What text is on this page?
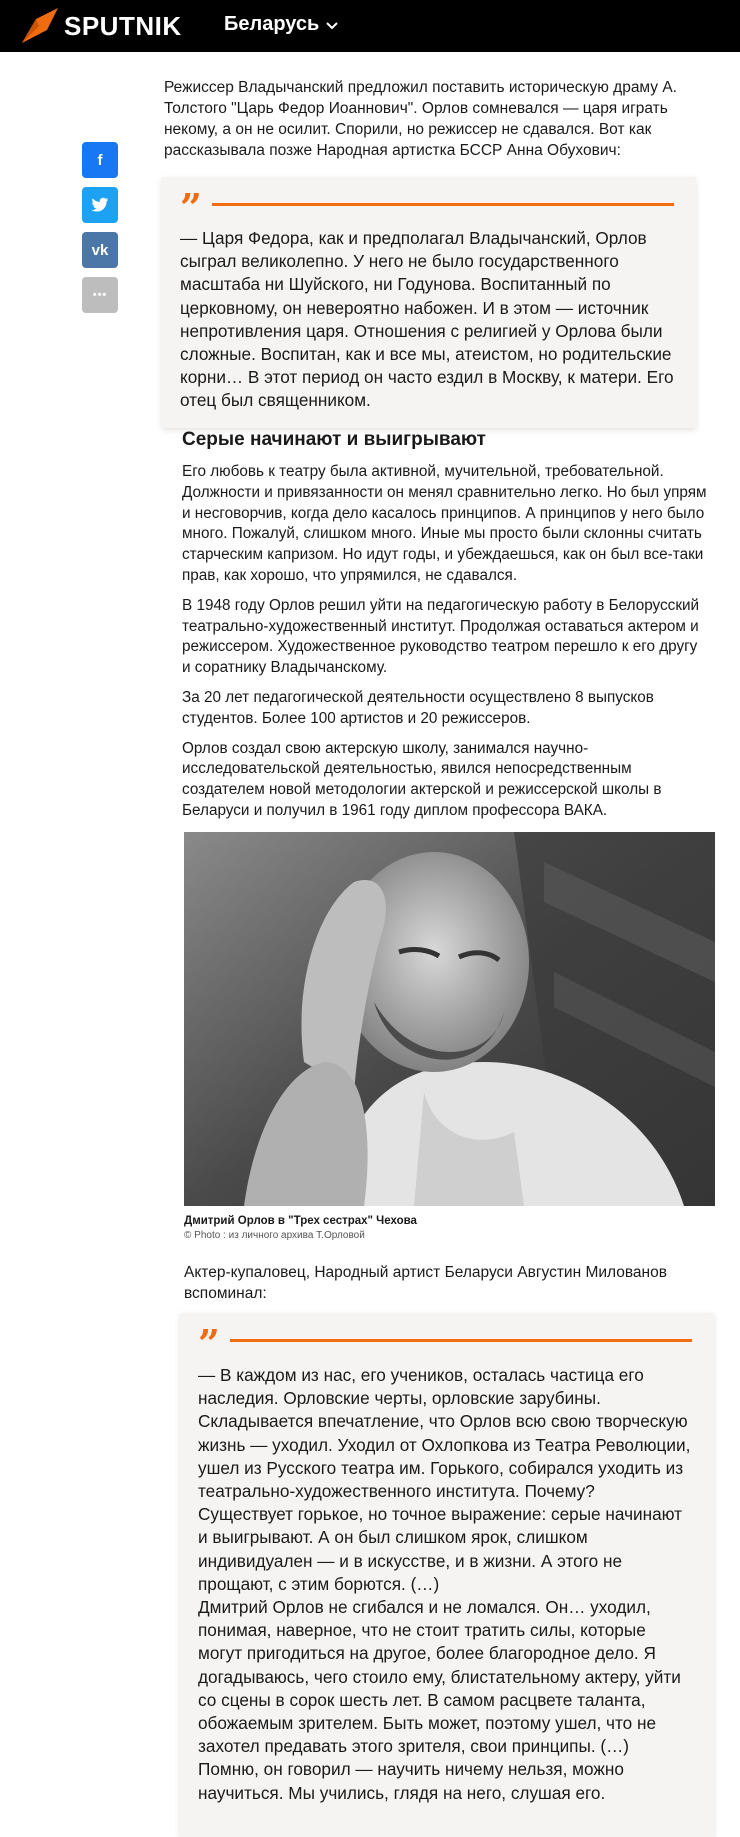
SPUTNIK Беларусь
f
vk
•••

Режиссер Владычанский предложил поставить историческую драму А. Толстого "Царь Федор Иоаннович". Орлов сомневался — царя играть некому, а он не осилит. Спорили, но режиссер не сдавался. Вот как рассказывала позже Народная артистка БССР Анна Обухович:

”

— Царя Федора, как и предполагал Владычанский, Орлов сыграл великолепно. У него не было государственного масштаба ни Шуйского, ни Годунова. Воспитанный по церковному, он невероятно набожен. И в этом — источник непротивления царя. Отношения с религией у Орлова были сложные. Воспитан, как и все мы, атеистом, но родительские корни… В этот период он часто ездил в Москву, к матери. Его отец был священником.

Серые начинают и выигрывают

Его любовь к театру была активной, мучительной, требовательной. Должности и привязанности он менял сравнительно легко. Но был упрям и несговорчив, когда дело касалось принципов. А принципов у него было много. Пожалуй, слишком много. Иные мы просто были склонны считать старческим капризом. Но идут годы, и убеждаешься, как он был все-таки прав, как хорошо, что упрямился, не сдавался.

В 1948 году Орлов решил уйти на педагогическую работу в Белорусский театрально-художественный институт. Продолжая оставаться актером и режиссером. Художественное руководство театром перешло к его другу и соратнику Владычанскому.

За 20 лет педагогической деятельности осуществлено 8 выпусков студентов. Более 100 артистов и 20 режиссеров.

Орлов создал свою актерскую школу, занимался научно-исследовательской деятельностью, явился непосредственным создателем новой методологии актерской и режиссерской школы в Беларуси и получил в 1961 году диплом профессора ВАКА.

Дмитрий Орлов в "Трех сестрах" Чехова
© Photo : из личного архива Т.Орловой

Актер-купаловец, Народный артист Беларуси Августин Милованов вспоминал:

”

— В каждом из нас, его учеников, осталась частица его наследия. Орловские черты, орловские зарубины. Складывается впечатление, что Орлов всю свою творческую жизнь — уходил. Уходил от Охлопкова из Театра Революции, ушел из Русского театра им. Горького, собирался уходить из театрально-художественного института. Почему? Существует горькое, но точное выражение: серые начинают и выигрывают. А он был слишком ярок, слишком индивидуален — и в искусстве, и в жизни. А этого не прощают, с этим борются. (…)

Дмитрий Орлов не сгибался и не ломался. Он… уходил, понимая, наверное, что не стоит тратить силы, которые могут пригодиться на другое, более благородное дело. Я догадываюсь, чего стоило ему, блистательному актеру, уйти со сцены в сорок шесть лет. В самом расцвете таланта, обожаемым зрителем. Быть может, поэтому ушел, что не захотел предавать этого зрителя, свои принципы. (…)

Помню, он говорил — научить ничему нельзя, можно научиться. Мы учились, глядя на него, слушая его.
